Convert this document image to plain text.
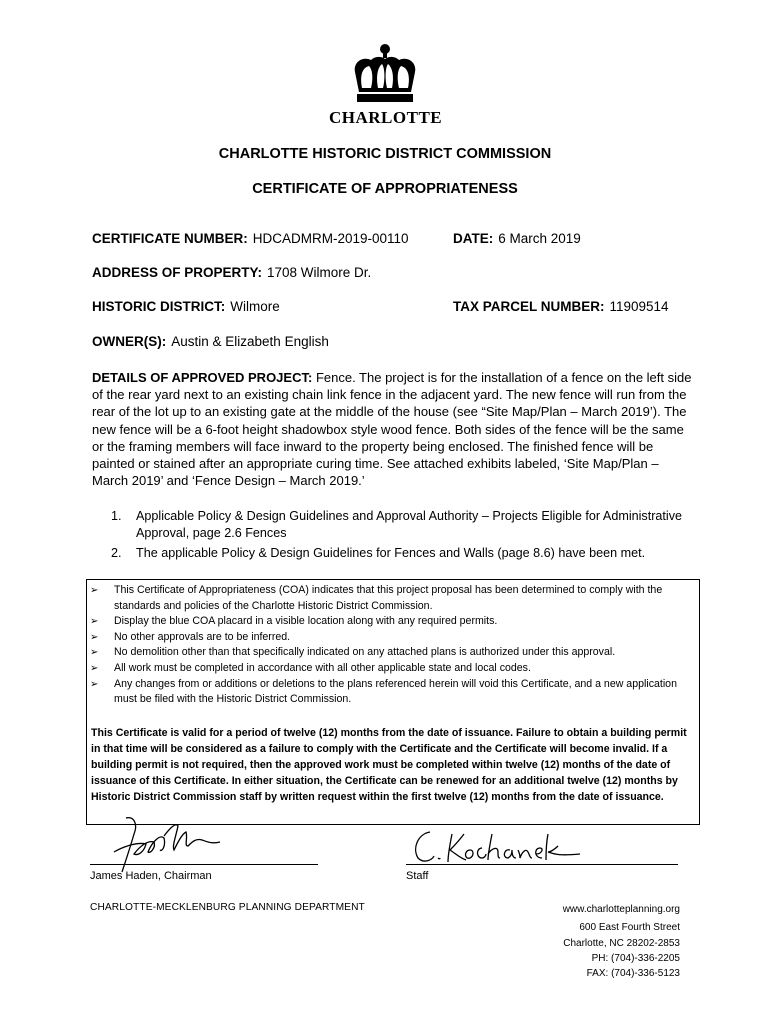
CHARLOTTE
CHARLOTTE HISTORIC DISTRICT COMMISSION
CERTIFICATE OF APPROPRIATENESS
CERTIFICATE NUMBER: HDCADMRM-2019-00110	DATE: 6 March 2019
ADDRESS OF PROPERTY: 1708 Wilmore Dr.
HISTORIC DISTRICT: Wilmore	TAX PARCEL NUMBER: 11909514
OWNER(S): Austin & Elizabeth English
DETAILS OF APPROVED PROJECT: Fence. The project is for the installation of a fence on the left side of the rear yard next to an existing chain link fence in the adjacent yard. The new fence will run from the rear of the lot up to an existing gate at the middle of the house (see “Site Map/Plan – March 2019’). The new fence will be a 6-foot height shadowbox style wood fence. Both sides of the fence will be the same or the framing members will face inward to the property being enclosed. The finished fence will be painted or stained after an appropriate curing time. See attached exhibits labeled, ‘Site Map/Plan – March 2019’ and ‘Fence Design – March 2019.’
1.	Applicable Policy & Design Guidelines and Approval Authority – Projects Eligible for Administrative Approval, page 2.6 Fences
2.	The applicable Policy & Design Guidelines for Fences and Walls (page 8.6) have been met.
➢ This Certificate of Appropriateness (COA) indicates that this project proposal has been determined to comply with the standards and policies of the Charlotte Historic District Commission.
➢ Display the blue COA placard in a visible location along with any required permits.
➢ No other approvals are to be inferred.
➢ No demolition other than that specifically indicated on any attached plans is authorized under this approval.
➢ All work must be completed in accordance with all other applicable state and local codes.
➢ Any changes from or additions or deletions to the plans referenced herein will void this Certificate, and a new application must be filed with the Historic District Commission.
This Certificate is valid for a period of twelve (12) months from the date of issuance. Failure to obtain a building permit in that time will be considered as a failure to comply with the Certificate and the Certificate will become invalid. If a building permit is not required, then the approved work must be completed within twelve (12) months of the date of issuance of this Certificate. In either situation, the Certificate can be renewed for an additional twelve (12) months by Historic District Commission staff by written request within the first twelve (12) months from the date of issuance.
James Haden, Chairman	Staff
CHARLOTTE-MECKLENBURG PLANNING DEPARTMENT	www.charlotteplanning.org
600 East Fourth Street
Charlotte, NC 28202-2853
PH: (704)-336-2205
FAX: (704)-336-5123
